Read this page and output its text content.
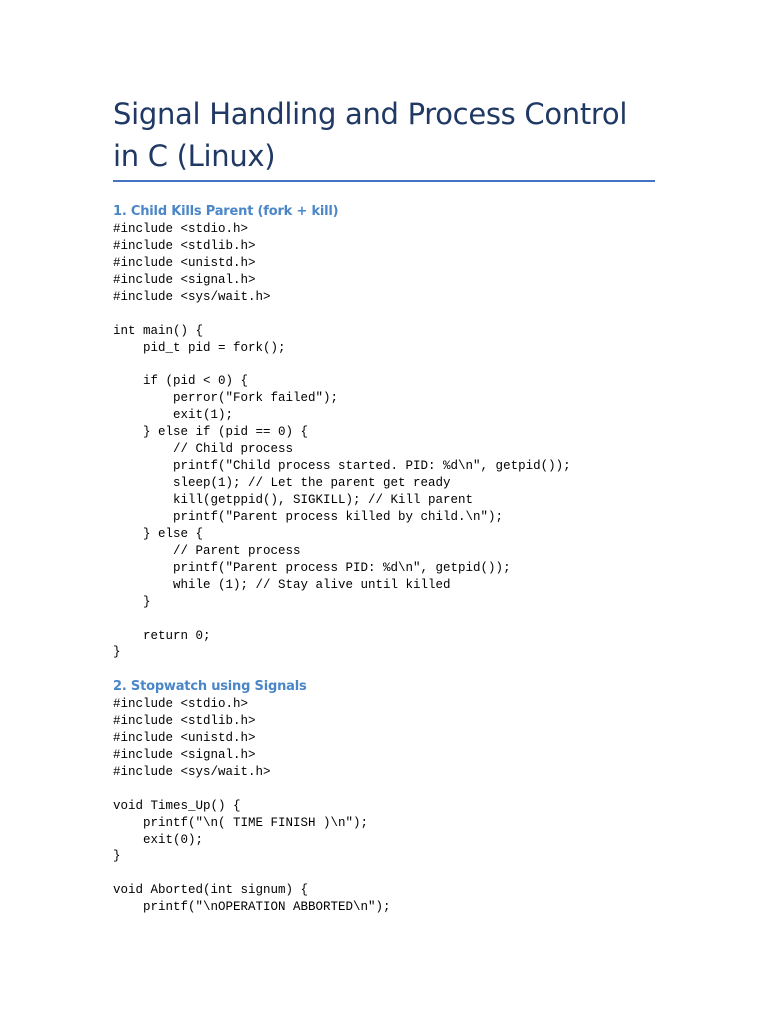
Signal Handling and Process Control in C (Linux)
1. Child Kills Parent (fork + kill)
#include <stdio.h>
#include <stdlib.h>
#include <unistd.h>
#include <signal.h>
#include <sys/wait.h>
int main() {
pid_t pid = fork();
if (pid < 0) {
perror("Fork failed");
exit(1);
} else if (pid == 0) {
// Child process
printf("Child process started. PID: %d\n", getpid());
sleep(1); // Let the parent get ready
kill(getppid(), SIGKILL); // Kill parent
printf("Parent process killed by child.\n");
} else {
// Parent process
printf("Parent process PID: %d\n", getpid());
while (1); // Stay alive until killed
}
return 0;
}
2. Stopwatch using Signals
#include <stdio.h>
#include <stdlib.h>
#include <unistd.h>
#include <signal.h>
#include <sys/wait.h>
void Times_Up() {
printf("\n( TIME FINISH )\n");
exit(0);
}
void Aborted(int signum) {
printf("\nOPERATION ABBORTED\n");
